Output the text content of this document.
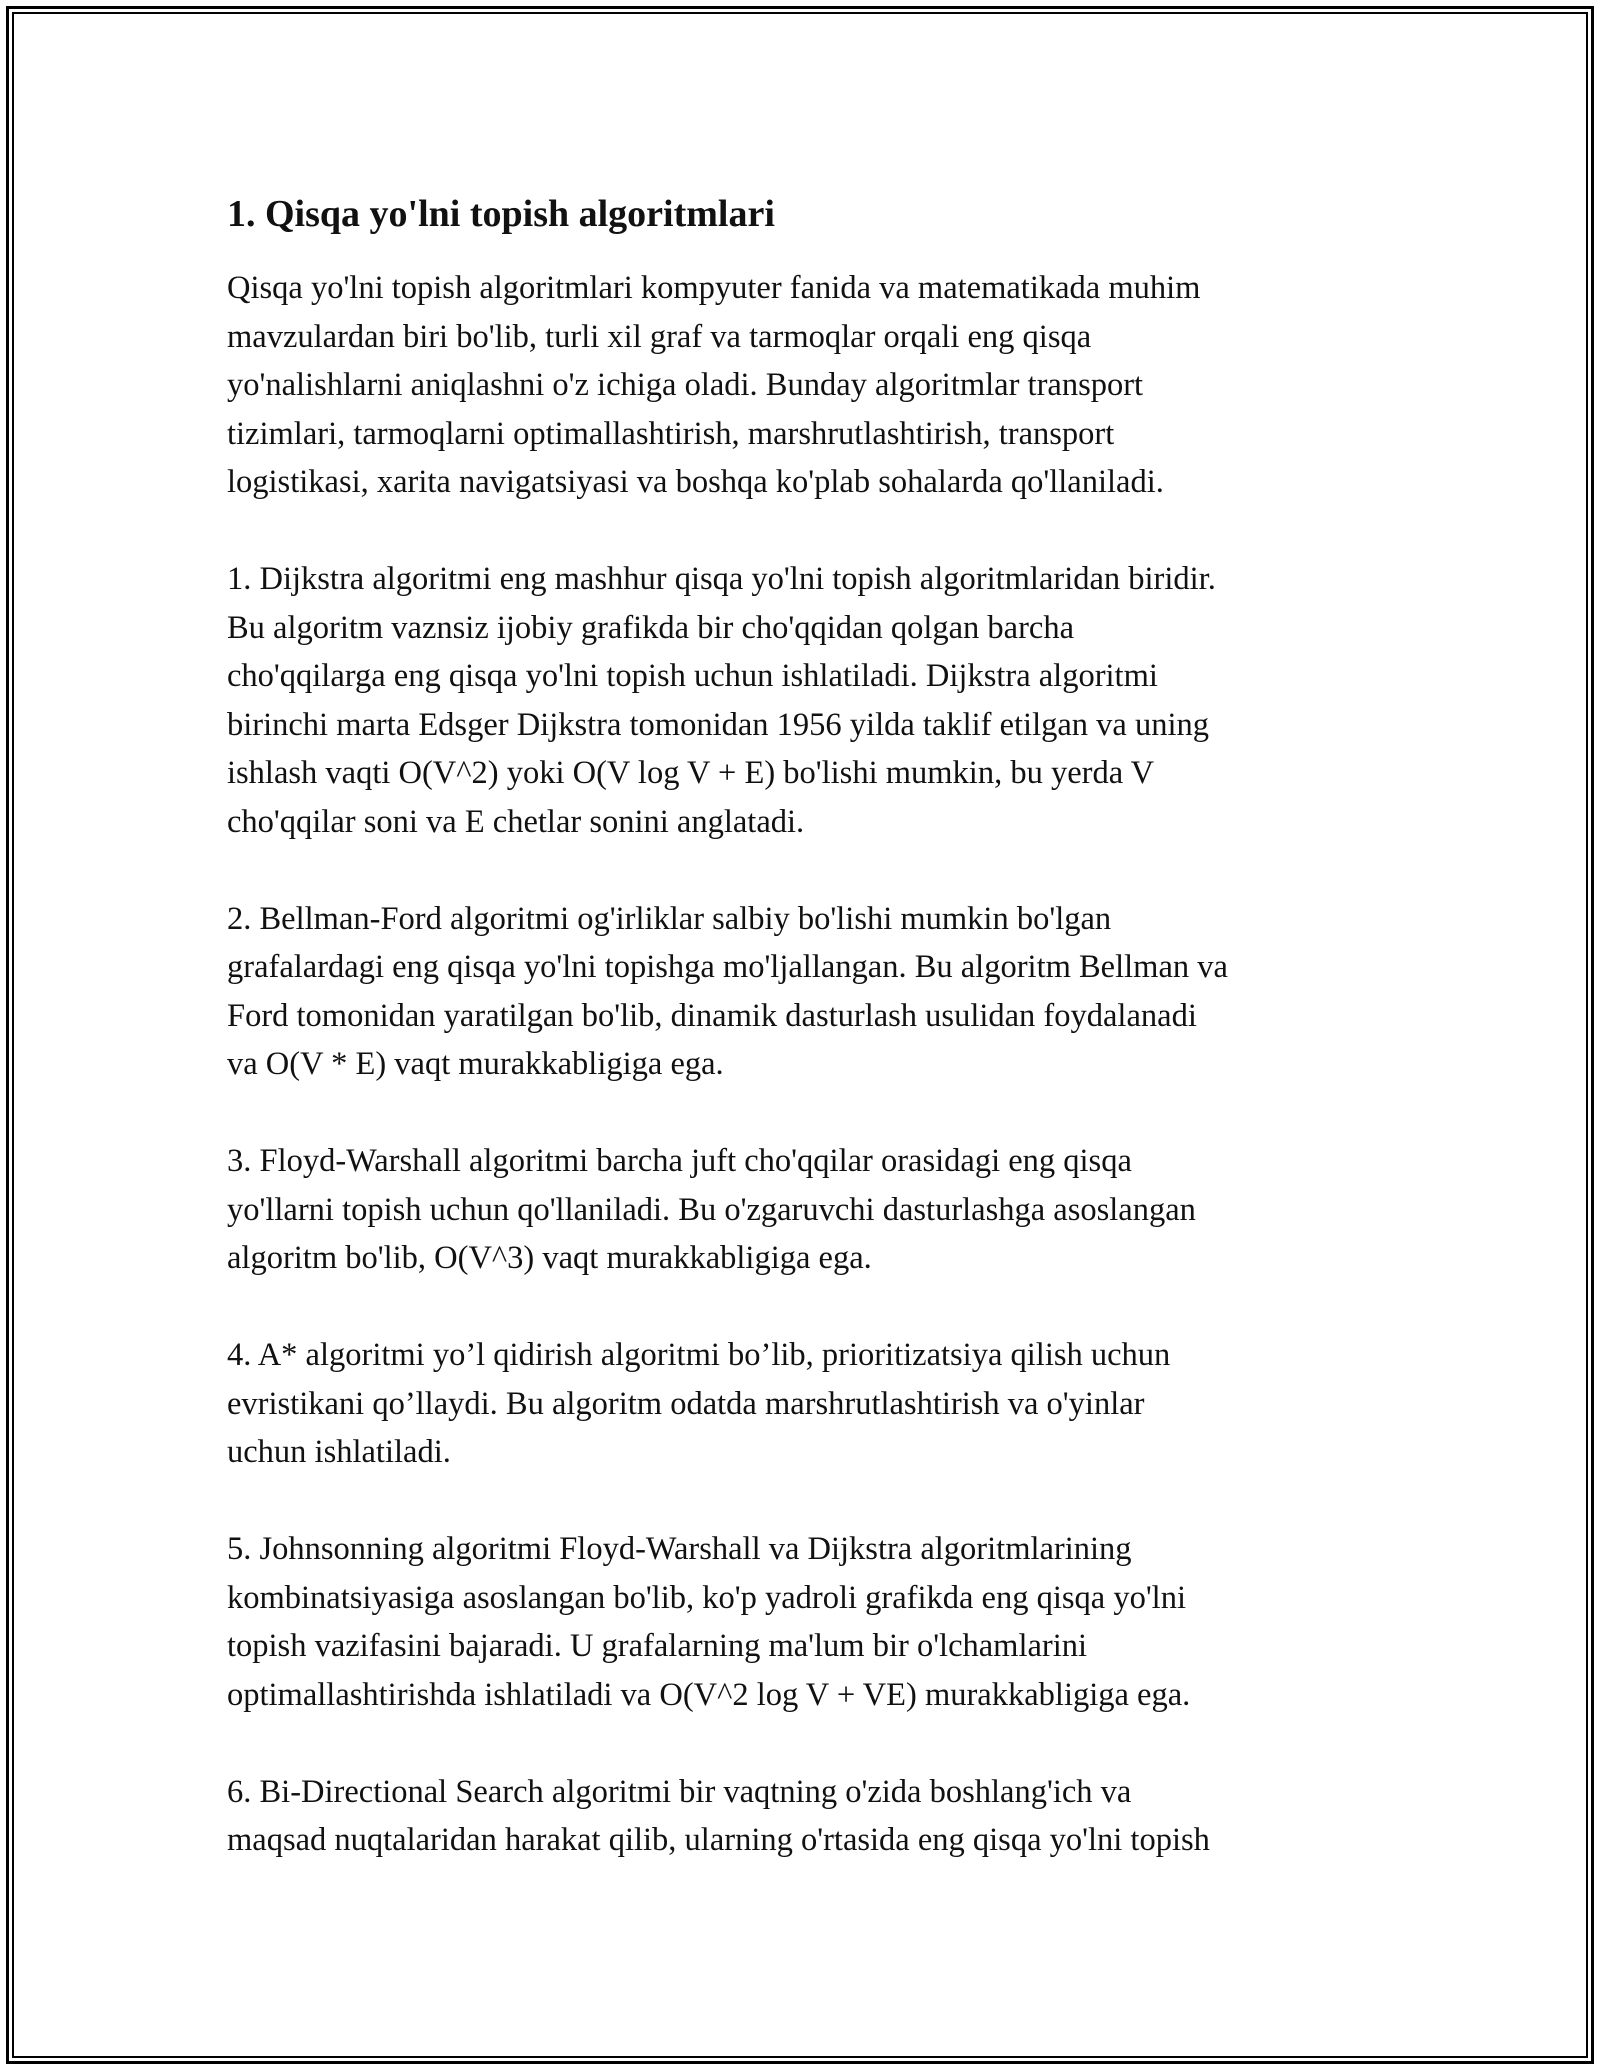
1. Qisqa yo'lni topish algoritmlari

Qisqa yo'lni topish algoritmlari kompyuter fanida va matematikada muhim
mavzulardan biri bo'lib, turli xil graf va tarmoqlar orqali eng qisqa
yo'nalishlarni aniqlashni o'z ichiga oladi. Bunday algoritmlar transport
tizimlari, tarmoqlarni optimallashtirish, marshrutlashtirish, transport
logistikasi, xarita navigatsiyasi va boshqa ko'plab sohalarda qo'llaniladi.

1. Dijkstra algoritmi eng mashhur qisqa yo'lni topish algoritmlaridan biridir.
Bu algoritm vaznsiz ijobiy grafikda bir cho'qqidan qolgan barcha
cho'qqilarga eng qisqa yo'lni topish uchun ishlatiladi. Dijkstra algoritmi
birinchi marta Edsger Dijkstra tomonidan 1956 yilda taklif etilgan va uning
ishlash vaqti O(V^2) yoki O(V log V + E) bo'lishi mumkin, bu yerda V
cho'qqilar soni va E chetlar sonini anglatadi.

2. Bellman-Ford algoritmi og'irliklar salbiy bo'lishi mumkin bo'lgan
grafalardagi eng qisqa yo'lni topishga mo'ljallangan. Bu algoritm Bellman va
Ford tomonidan yaratilgan bo'lib, dinamik dasturlash usulidan foydalanadi
va O(V * E) vaqt murakkabligiga ega.

3. Floyd-Warshall algoritmi barcha juft cho'qqilar orasidagi eng qisqa
yo'llarni topish uchun qo'llaniladi. Bu o'zgaruvchi dasturlashga asoslangan
algoritm bo'lib, O(V^3) vaqt murakkabligiga ega.

4. A* algoritmi yo’l qidirish algoritmi bo’lib, prioritizatsiya qilish uchun
evristikani qo’llaydi. Bu algoritm odatda marshrutlashtirish va o'yinlar
uchun ishlatiladi.

5. Johnsonning algoritmi Floyd-Warshall va Dijkstra algoritmlarining
kombinatsiyasiga asoslangan bo'lib, ko'p yadroli grafikda eng qisqa yo'lni
topish vazifasini bajaradi. U grafalarning ma'lum bir o'lchamlarini
optimallashtirishda ishlatiladi va O(V^2 log V + VE) murakkabligiga ega.

6. Bi-Directional Search algoritmi bir vaqtning o'zida boshlang'ich va
maqsad nuqtalaridan harakat qilib, ularning o'rtasida eng qisqa yo'lni topish
